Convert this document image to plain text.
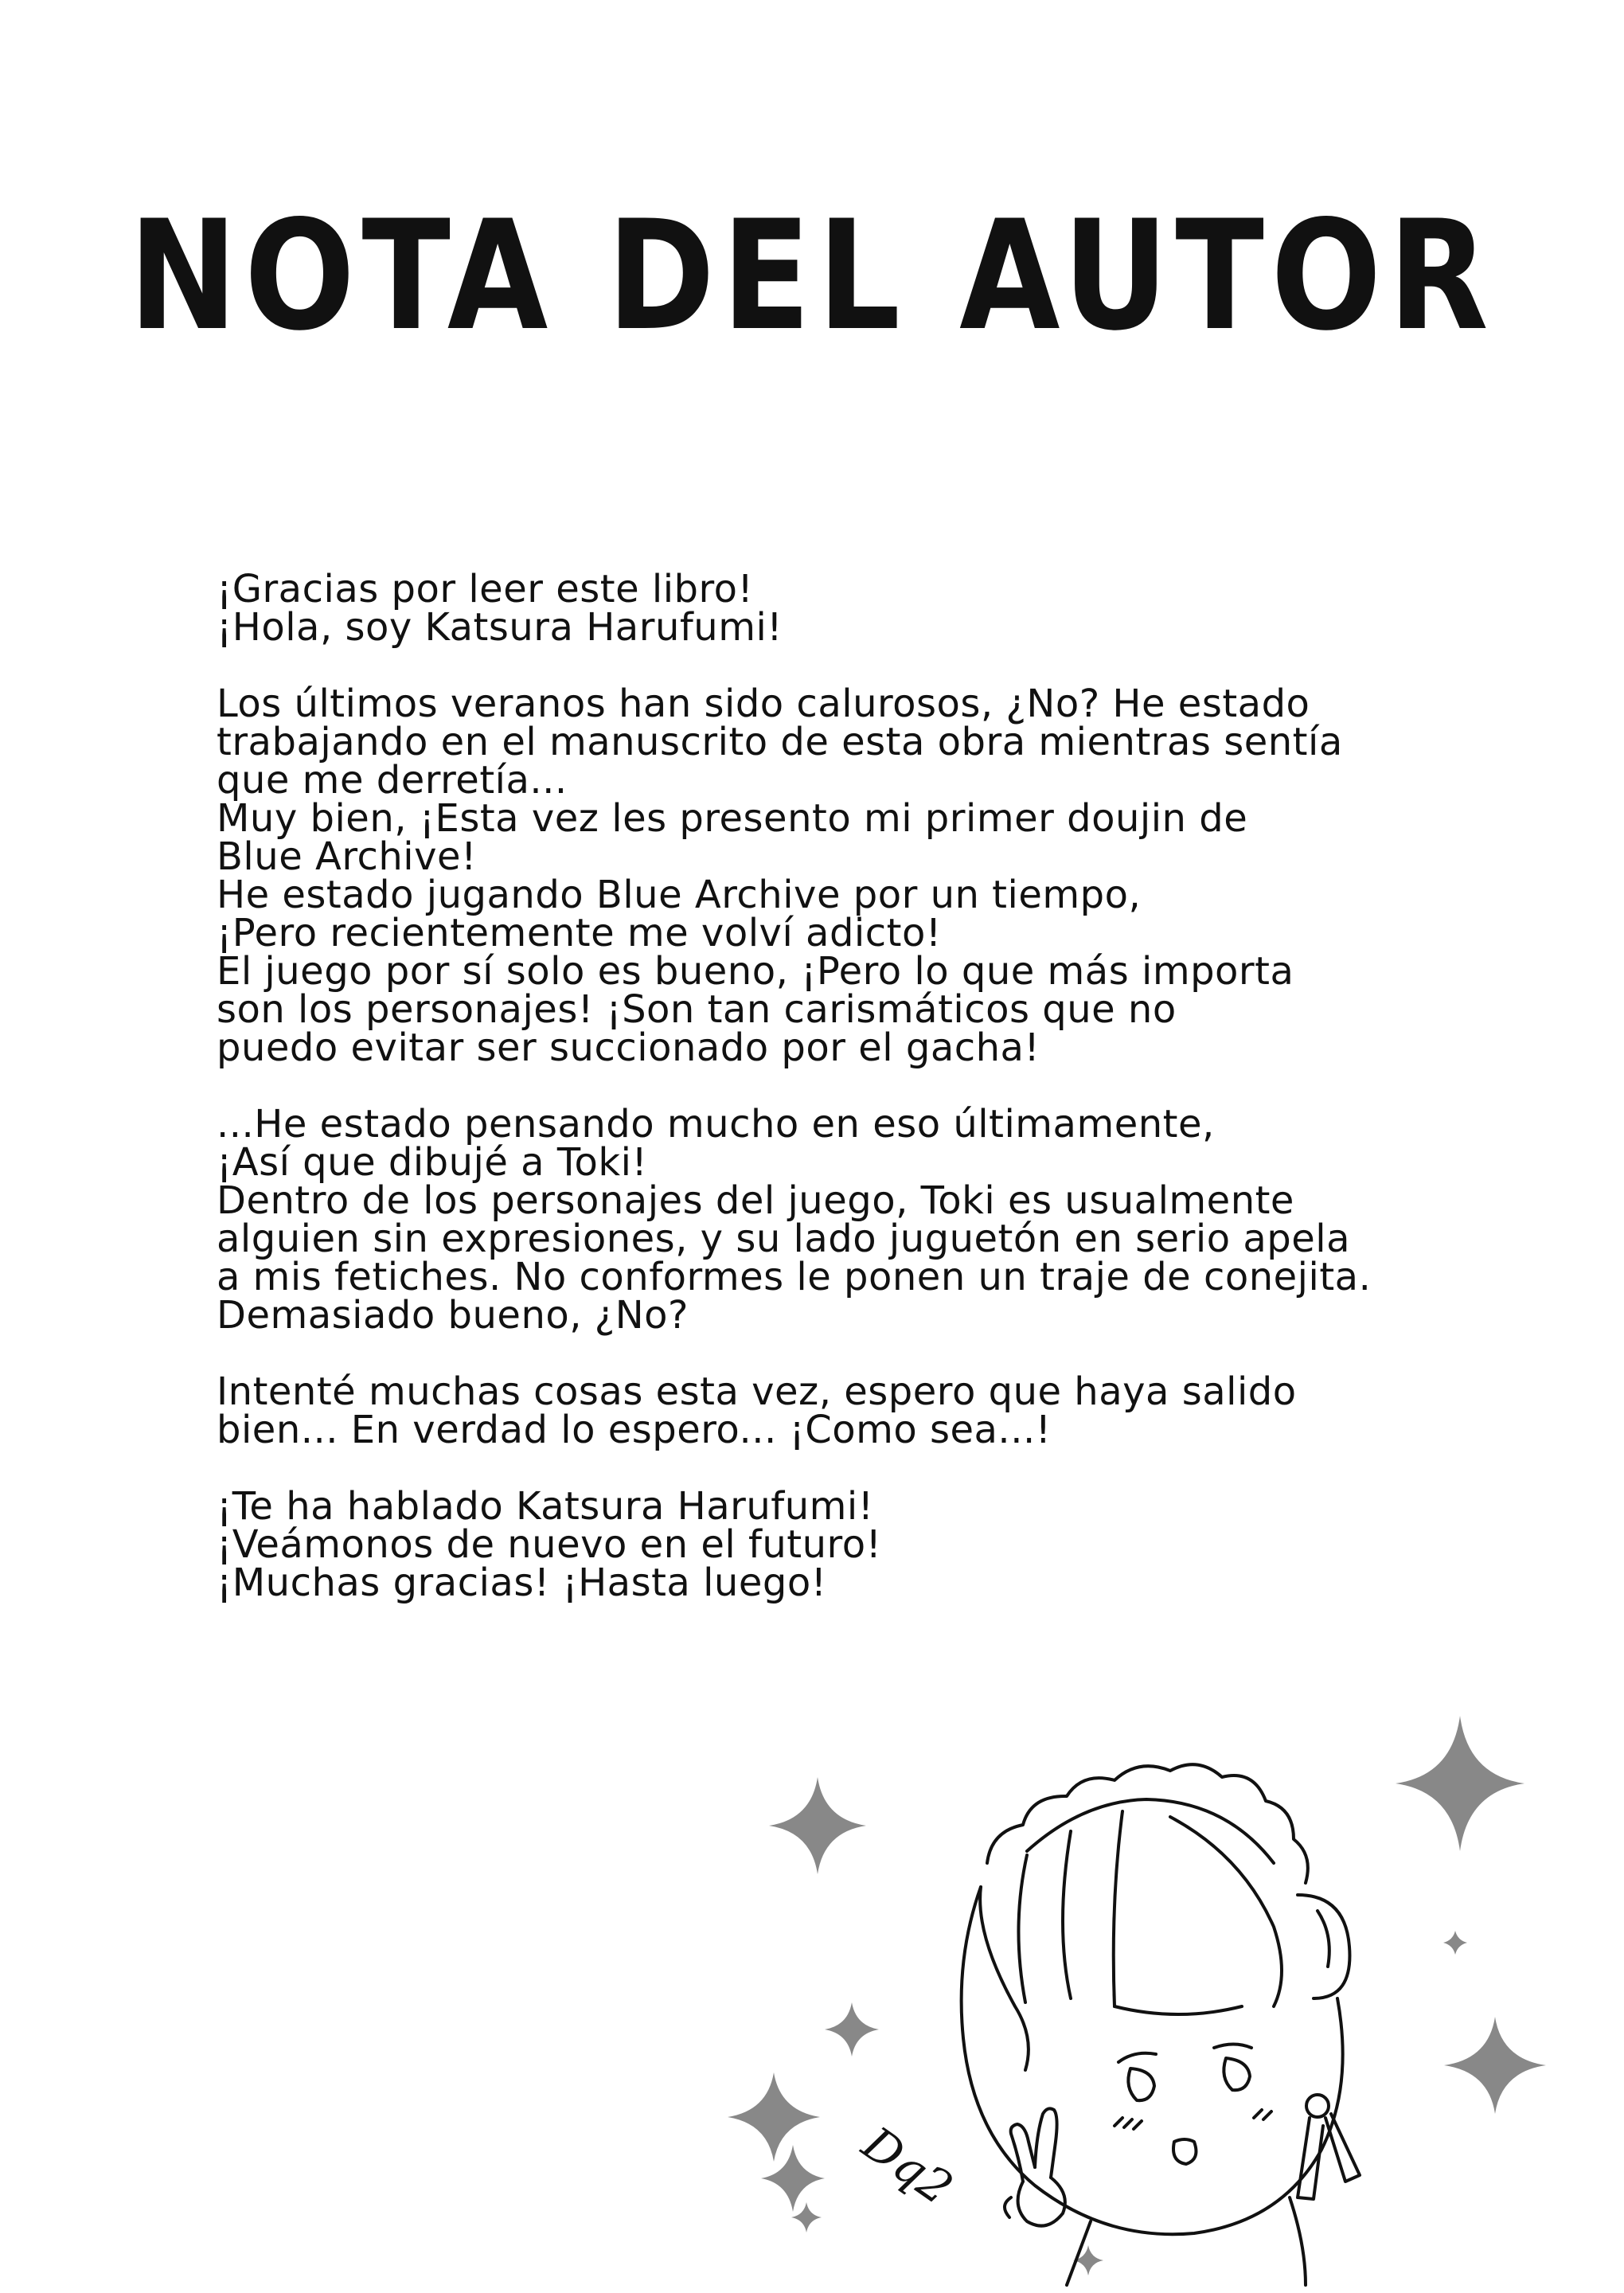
NOTA DEL AUTOR

¡Gracias por leer este libro!
¡Hola, soy Katsura Harufumi!

Los últimos veranos han sido calurosos, ¿No? He estado
trabajando en el manuscrito de esta obra mientras sentía
que me derretía...
Muy bien, ¡Esta vez les presento mi primer doujin de
Blue Archive!
He estado jugando Blue Archive por un tiempo,
¡Pero recientemente me volví adicto!
El juego por sí solo es bueno, ¡Pero lo que más importa
son los personajes! ¡Son tan carismáticos que no
puedo evitar ser succionado por el gacha!

...He estado pensando mucho en eso últimamente,
¡Así que dibujé a Toki!
Dentro de los personajes del juego, Toki es usualmente
alguien sin expresiones, y su lado juguetón en serio apela
a mis fetiches. No conformes le ponen un traje de conejita.
Demasiado bueno, ¿No?

Intenté muchas cosas esta vez, espero que haya salido
bien... En verdad lo espero... ¡Como sea...!

¡Te ha hablado Katsura Harufumi!
¡Veámonos de nuevo en el futuro!
¡Muchas gracias! ¡Hasta luego!

Dq2
